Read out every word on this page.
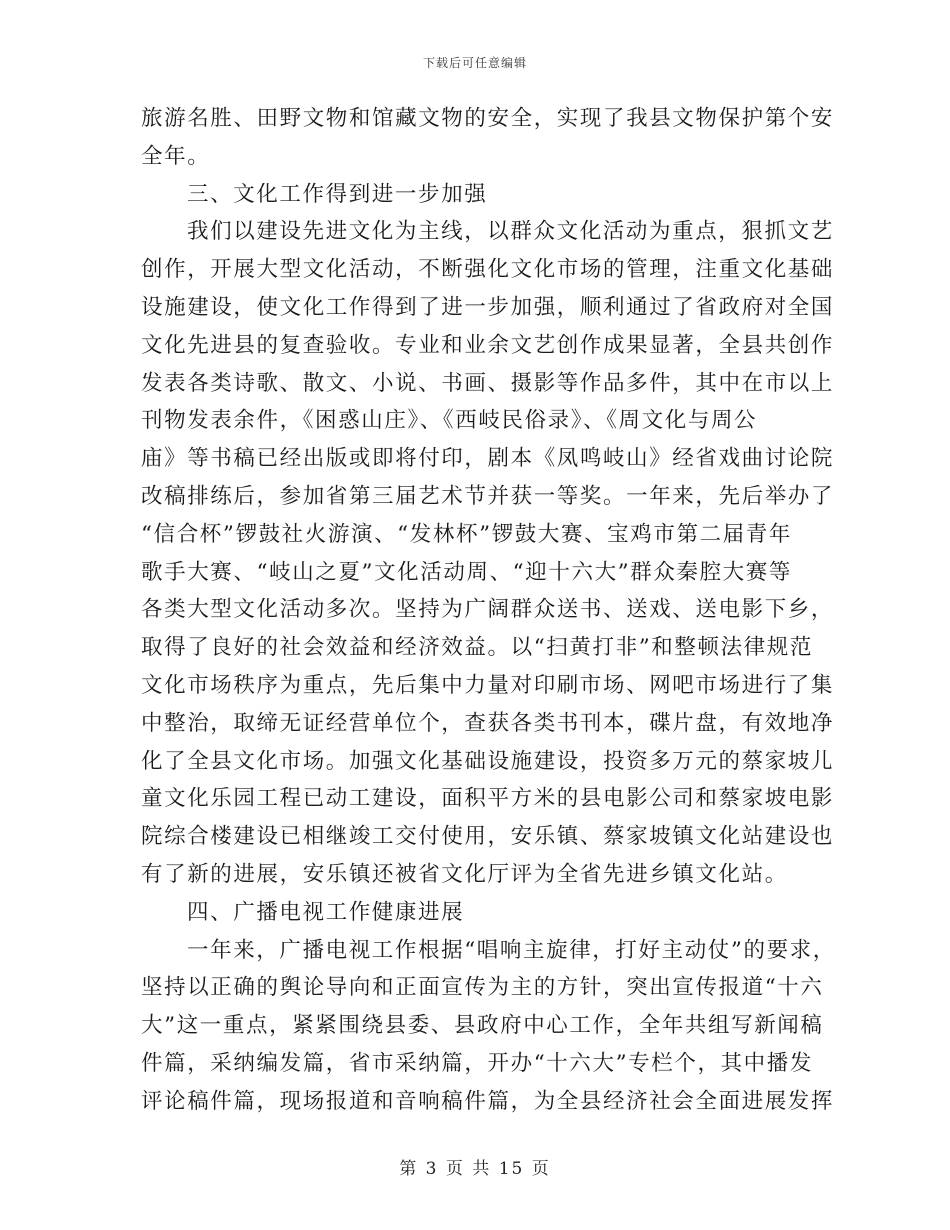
下载后可任意编辑
旅游名胜、田野文物和馆藏文物的安全，实现了我县文物保护第个安
全年。
三、文化工作得到进一步加强
我们以建设先进文化为主线，以群众文化活动为重点，狠抓文艺
创作，开展大型文化活动，不断强化文化市场的管理，注重文化基础
设施建设，使文化工作得到了进一步加强，顺利通过了省政府对全国
文化先进县的复查验收。专业和业余文艺创作成果显著，全县共创作
发表各类诗歌、散文、小说、书画、摄影等作品多件，其中在市以上
刊物发表余件，《困惑山庄》、《西岐民俗录》、《周文化与周公
庙》等书稿已经出版或即将付印，剧本《凤鸣岐山》经省戏曲讨论院
改稿排练后，参加省第三届艺术节并获一等奖。一年来，先后举办了
“信合杯”锣鼓社火游演、“发林杯”锣鼓大赛、宝鸡市第二届青年
歌手大赛、“岐山之夏”文化活动周、“迎十六大”群众秦腔大赛等
各类大型文化活动多次。坚持为广阔群众送书、送戏、送电影下乡，
取得了良好的社会效益和经济效益。以“扫黄打非”和整顿法律规范
文化市场秩序为重点，先后集中力量对印刷市场、网吧市场进行了集
中整治，取缔无证经营单位个，查获各类书刊本，碟片盘，有效地净
化了全县文化市场。加强文化基础设施建设，投资多万元的蔡家坡儿
童文化乐园工程已动工建设，面积平方米的县电影公司和蔡家坡电影
院综合楼建设已相继竣工交付使用，安乐镇、蔡家坡镇文化站建设也
有了新的进展，安乐镇还被省文化厅评为全省先进乡镇文化站。
四、广播电视工作健康进展
一年来，广播电视工作根据“唱响主旋律，打好主动仗”的要求，
坚持以正确的舆论导向和正面宣传为主的方针，突出宣传报道“十六
大”这一重点，紧紧围绕县委、县政府中心工作，全年共组写新闻稿
件篇，采纳编发篇，省市采纳篇，开办“十六大”专栏个，其中播发
评论稿件篇，现场报道和音响稿件篇，为全县经济社会全面进展发挥
第 3 页 共 15 页
